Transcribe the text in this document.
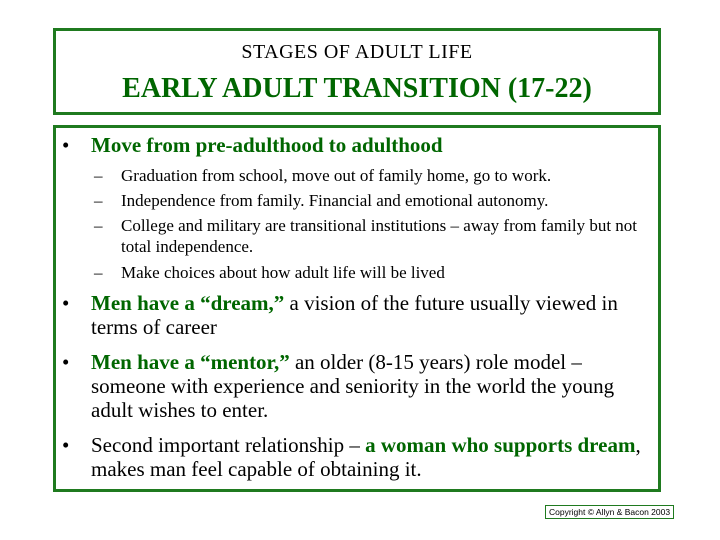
STAGES OF ADULT LIFE
EARLY ADULT TRANSITION (17-22)
•	Move from pre-adulthood to adulthood
–	Graduation from school, move out of family home, go to work.
–	Independence from family. Financial and emotional autonomy.
–	College and military are transitional institutions – away from family but not total independence.
–	Make choices about how adult life will be lived
•	Men have a “dream,” a vision of the future usually viewed in terms of career
•	Men have a “mentor,” an older (8-15 years) role model – someone with experience and seniority in the world the young adult wishes to enter.
•	Second important relationship – a woman who supports dream, makes man feel capable of obtaining it.
Copyright © Allyn & Bacon 2003
